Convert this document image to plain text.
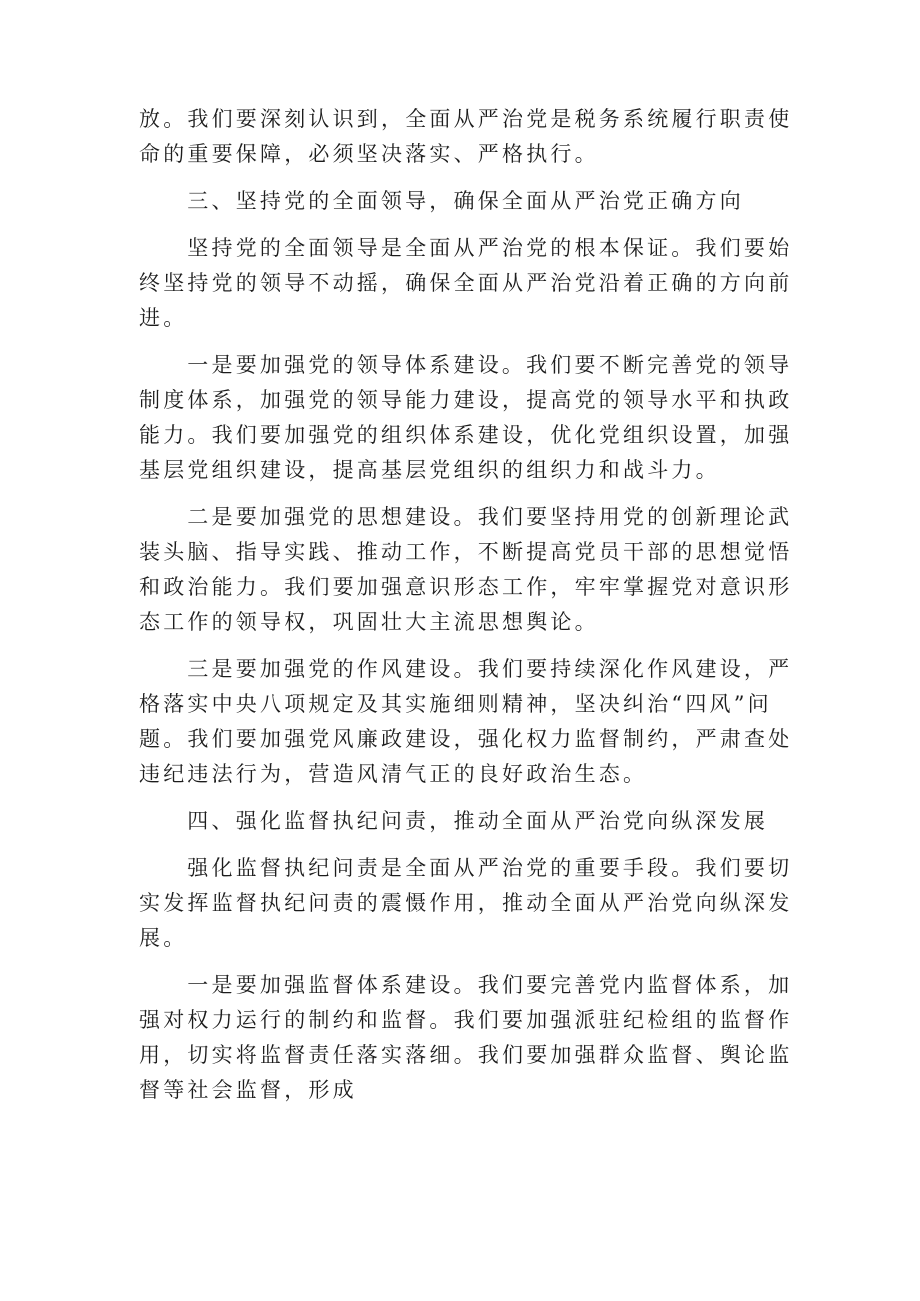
放。我们要深刻认识到，全面从严治党是税务系统履行职责使命的重要保障，必须坚决落实、严格执行。

三、坚持党的全面领导，确保全面从严治党正确方向

坚持党的全面领导是全面从严治党的根本保证。我们要始终坚持党的领导不动摇，确保全面从严治党沿着正确的方向前进。

一是要加强党的领导体系建设。我们要不断完善党的领导制度体系，加强党的领导能力建设，提高党的领导水平和执政能力。我们要加强党的组织体系建设，优化党组织设置，加强基层党组织建设，提高基层党组织的组织力和战斗力。

二是要加强党的思想建设。我们要坚持用党的创新理论武装头脑、指导实践、推动工作，不断提高党员干部的思想觉悟和政治能力。我们要加强意识形态工作，牢牢掌握党对意识形态工作的领导权，巩固壮大主流思想舆论。

三是要加强党的作风建设。我们要持续深化作风建设，严格落实中央八项规定及其实施细则精神，坚决纠治“四风”问题。我们要加强党风廉政建设，强化权力监督制约，严肃查处违纪违法行为，营造风清气正的良好政治生态。

四、强化监督执纪问责，推动全面从严治党向纵深发展

强化监督执纪问责是全面从严治党的重要手段。我们要切实发挥监督执纪问责的震慑作用，推动全面从严治党向纵深发展。

一是要加强监督体系建设。我们要完善党内监督体系，加强对权力运行的制约和监督。我们要加强派驻纪检组的监督作用，切实将监督责任落实落细。我们要加强群众监督、舆论监督等社会监督，形成
